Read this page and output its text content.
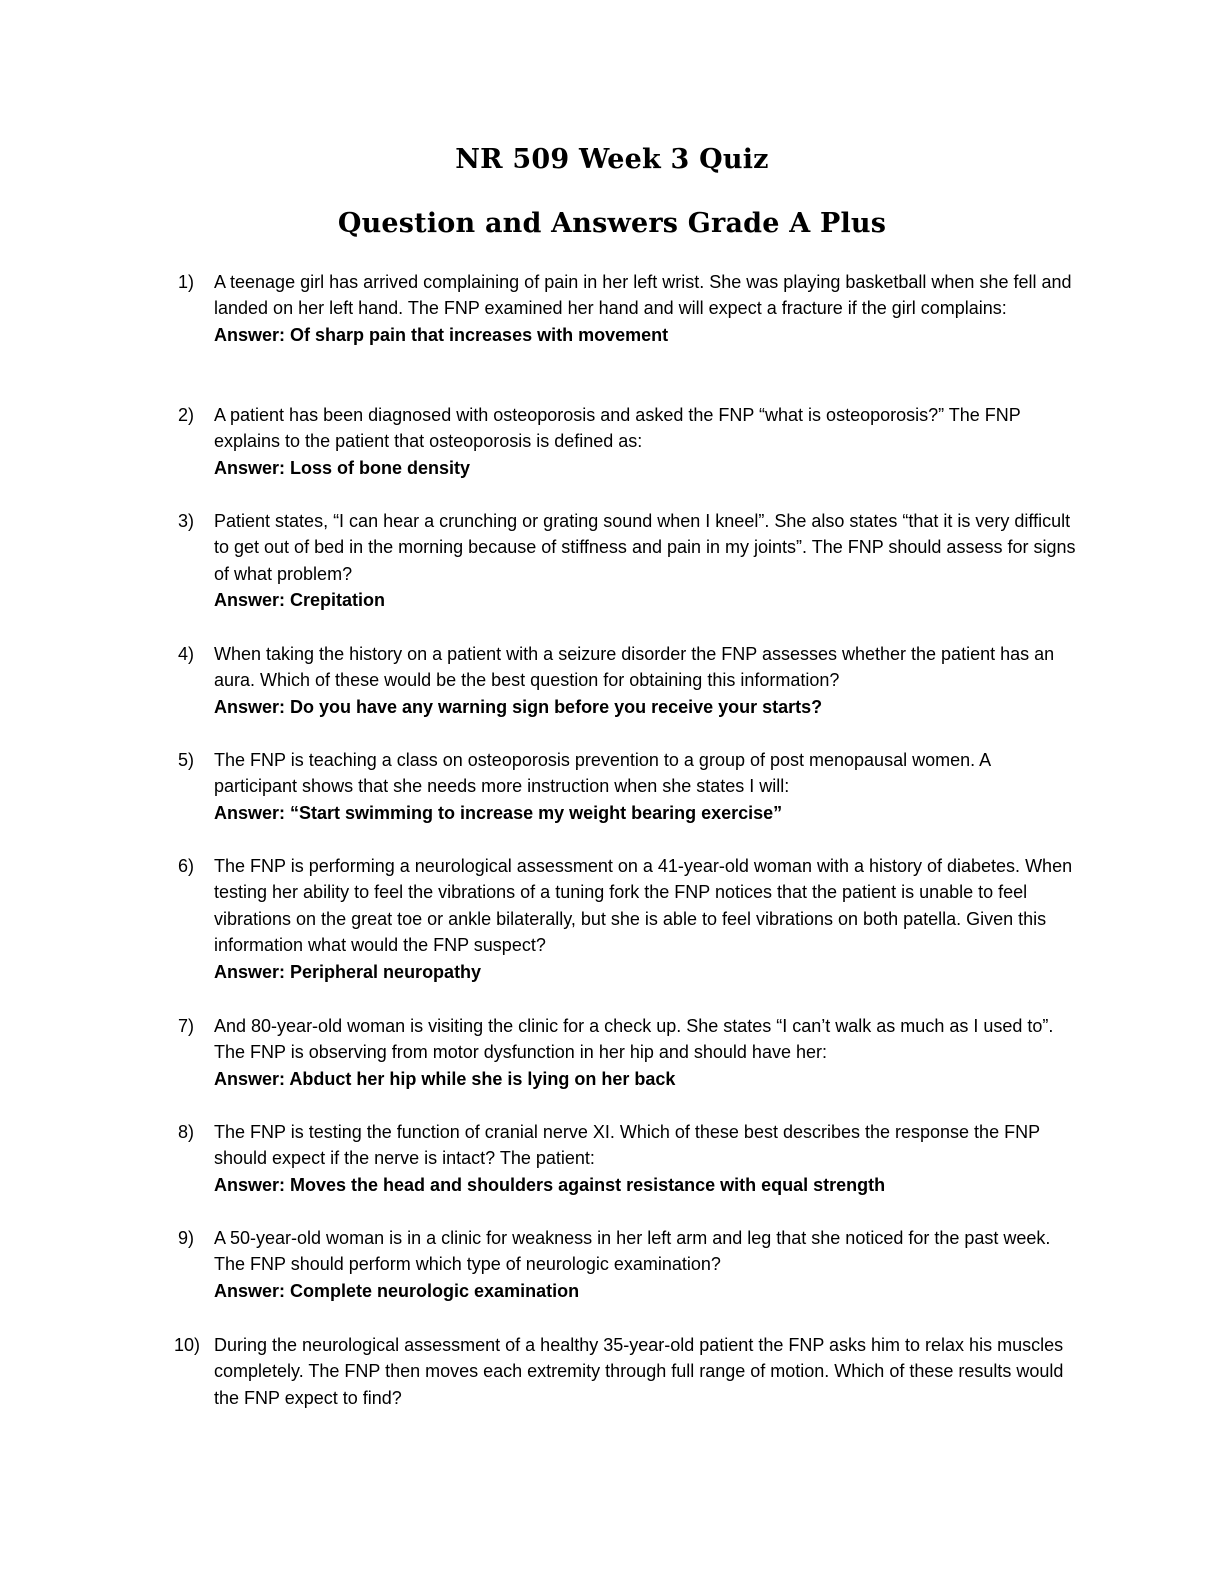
NR 509 Week 3 Quiz
Question and Answers Grade A Plus
1) A teenage girl has arrived complaining of pain in her left wrist. She was playing basketball when she fell and landed on her left hand. The FNP examined her hand and will expect a fracture if the girl complains:
Answer: Of sharp pain that increases with movement
2) A patient has been diagnosed with osteoporosis and asked the FNP “what is osteoporosis?” The FNP explains to the patient that osteoporosis is defined as:
Answer: Loss of bone density
3) Patient states, “I can hear a crunching or grating sound when I kneel”. She also states “that it is very difficult to get out of bed in the morning because of stiffness and pain in my joints”. The FNP should assess for signs of what problem?
Answer: Crepitation
4) When taking the history on a patient with a seizure disorder the FNP assesses whether the patient has an aura. Which of these would be the best question for obtaining this information?
Answer: Do you have any warning sign before you receive your starts?
5) The FNP is teaching a class on osteoporosis prevention to a group of post menopausal women. A participant shows that she needs more instruction when she states I will:
Answer: “Start swimming to increase my weight bearing exercise”
6) The FNP is performing a neurological assessment on a 41-year-old woman with a history of diabetes. When testing her ability to feel the vibrations of a tuning fork the FNP notices that the patient is unable to feel vibrations on the great toe or ankle bilaterally, but she is able to feel vibrations on both patella. Given this information what would the FNP suspect?
Answer: Peripheral neuropathy
7) And 80-year-old woman is visiting the clinic for a check up. She states “I can’t walk as much as I used to”. The FNP is observing from motor dysfunction in her hip and should have her:
Answer: Abduct her hip while she is lying on her back
8) The FNP is testing the function of cranial nerve XI. Which of these best describes the response the FNP should expect if the nerve is intact? The patient:
Answer: Moves the head and shoulders against resistance with equal strength
9) A 50-year-old woman is in a clinic for weakness in her left arm and leg that she noticed for the past week. The FNP should perform which type of neurologic examination?
Answer: Complete neurologic examination
10) During the neurological assessment of a healthy 35-year-old patient the FNP asks him to relax his muscles completely. The FNP then moves each extremity through full range of motion. Which of these results would the FNP expect to find?
